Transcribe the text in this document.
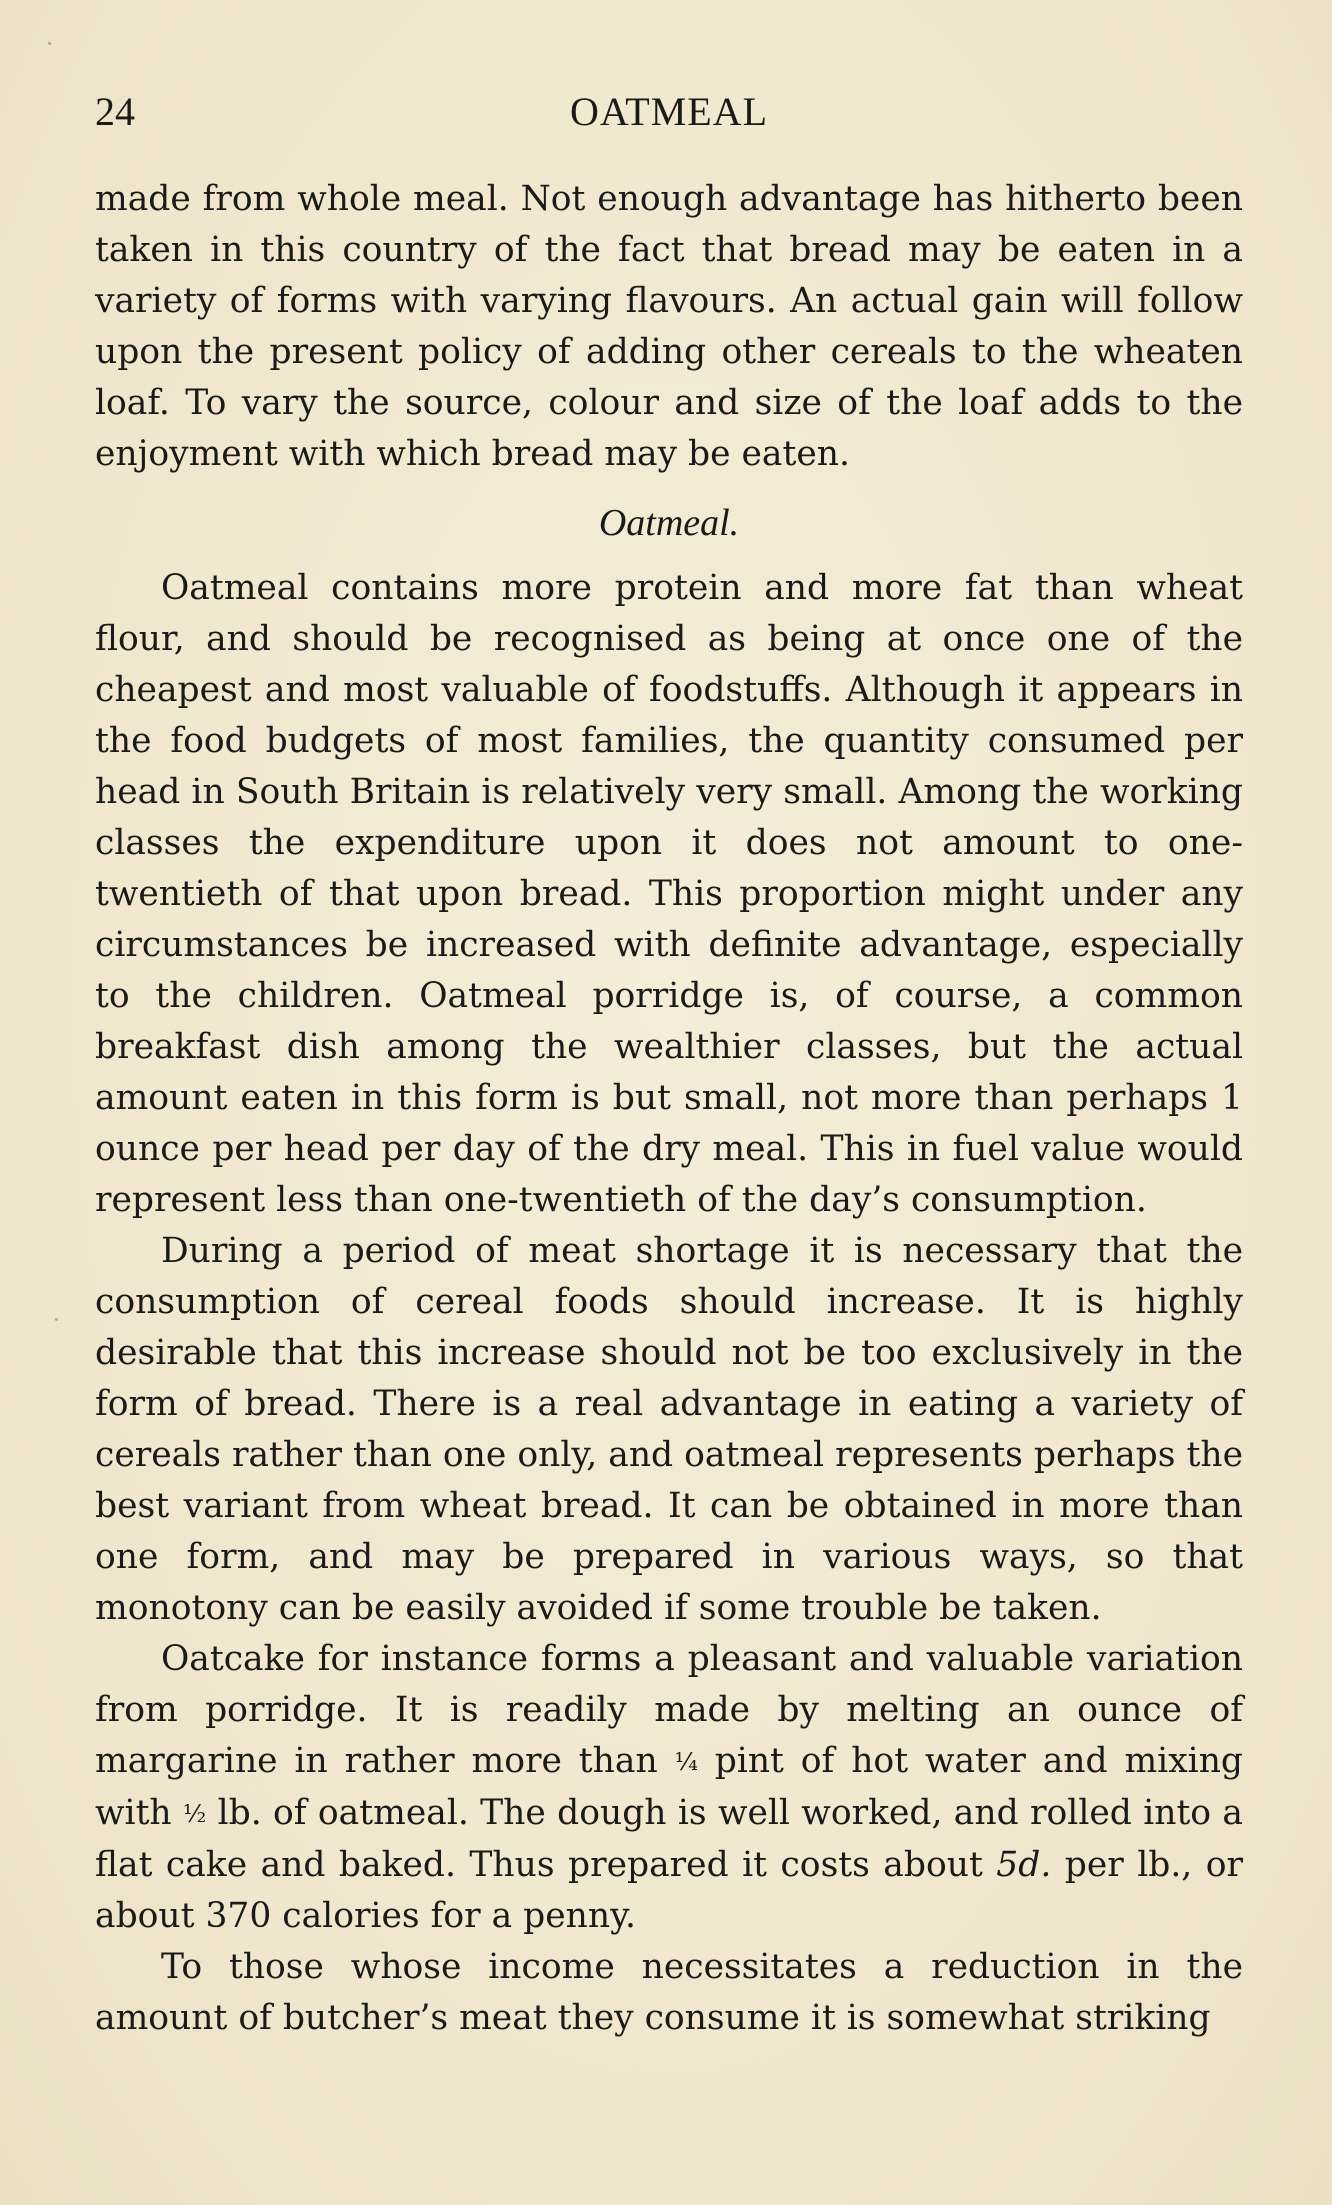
24	OATMEAL

made from whole meal. Not enough advantage has hitherto been taken in this country of the fact that bread may be eaten in a variety of forms with varying flavours. An actual gain will follow upon the present policy of adding other cereals to the wheaten loaf. To vary the source, colour and size of the loaf adds to the enjoyment with which bread may be eaten.

Oatmeal.

Oatmeal contains more protein and more fat than wheat flour, and should be recognised as being at once one of the cheapest and most valuable of foodstuffs. Although it appears in the food budgets of most families, the quantity consumed per head in South Britain is relatively very small. Among the working classes the expenditure upon it does not amount to one-twentieth of that upon bread. This proportion might under any circumstances be increased with definite advantage, especially to the children. Oatmeal porridge is, of course, a common breakfast dish among the wealthier classes, but the actual amount eaten in this form is but small, not more than perhaps 1 ounce per head per day of the dry meal. This in fuel value would represent less than one-twentieth of the day’s consumption.

During a period of meat shortage it is necessary that the consumption of cereal foods should increase. It is highly desirable that this increase should not be too exclusively in the form of bread. There is a real advantage in eating a variety of cereals rather than one only, and oatmeal represents perhaps the best variant from wheat bread. It can be obtained in more than one form, and may be prepared in various ways, so that monotony can be easily avoided if some trouble be taken.

Oatcake for instance forms a pleasant and valuable variation from porridge. It is readily made by melting an ounce of margarine in rather more than ¼ pint of hot water and mixing with ½ lb. of oatmeal. The dough is well worked, and rolled into a flat cake and baked. Thus prepared it costs about 5d. per lb., or about 370 calories for a penny.

To those whose income necessitates a reduction in the amount of butcher’s meat they consume it is somewhat striking
